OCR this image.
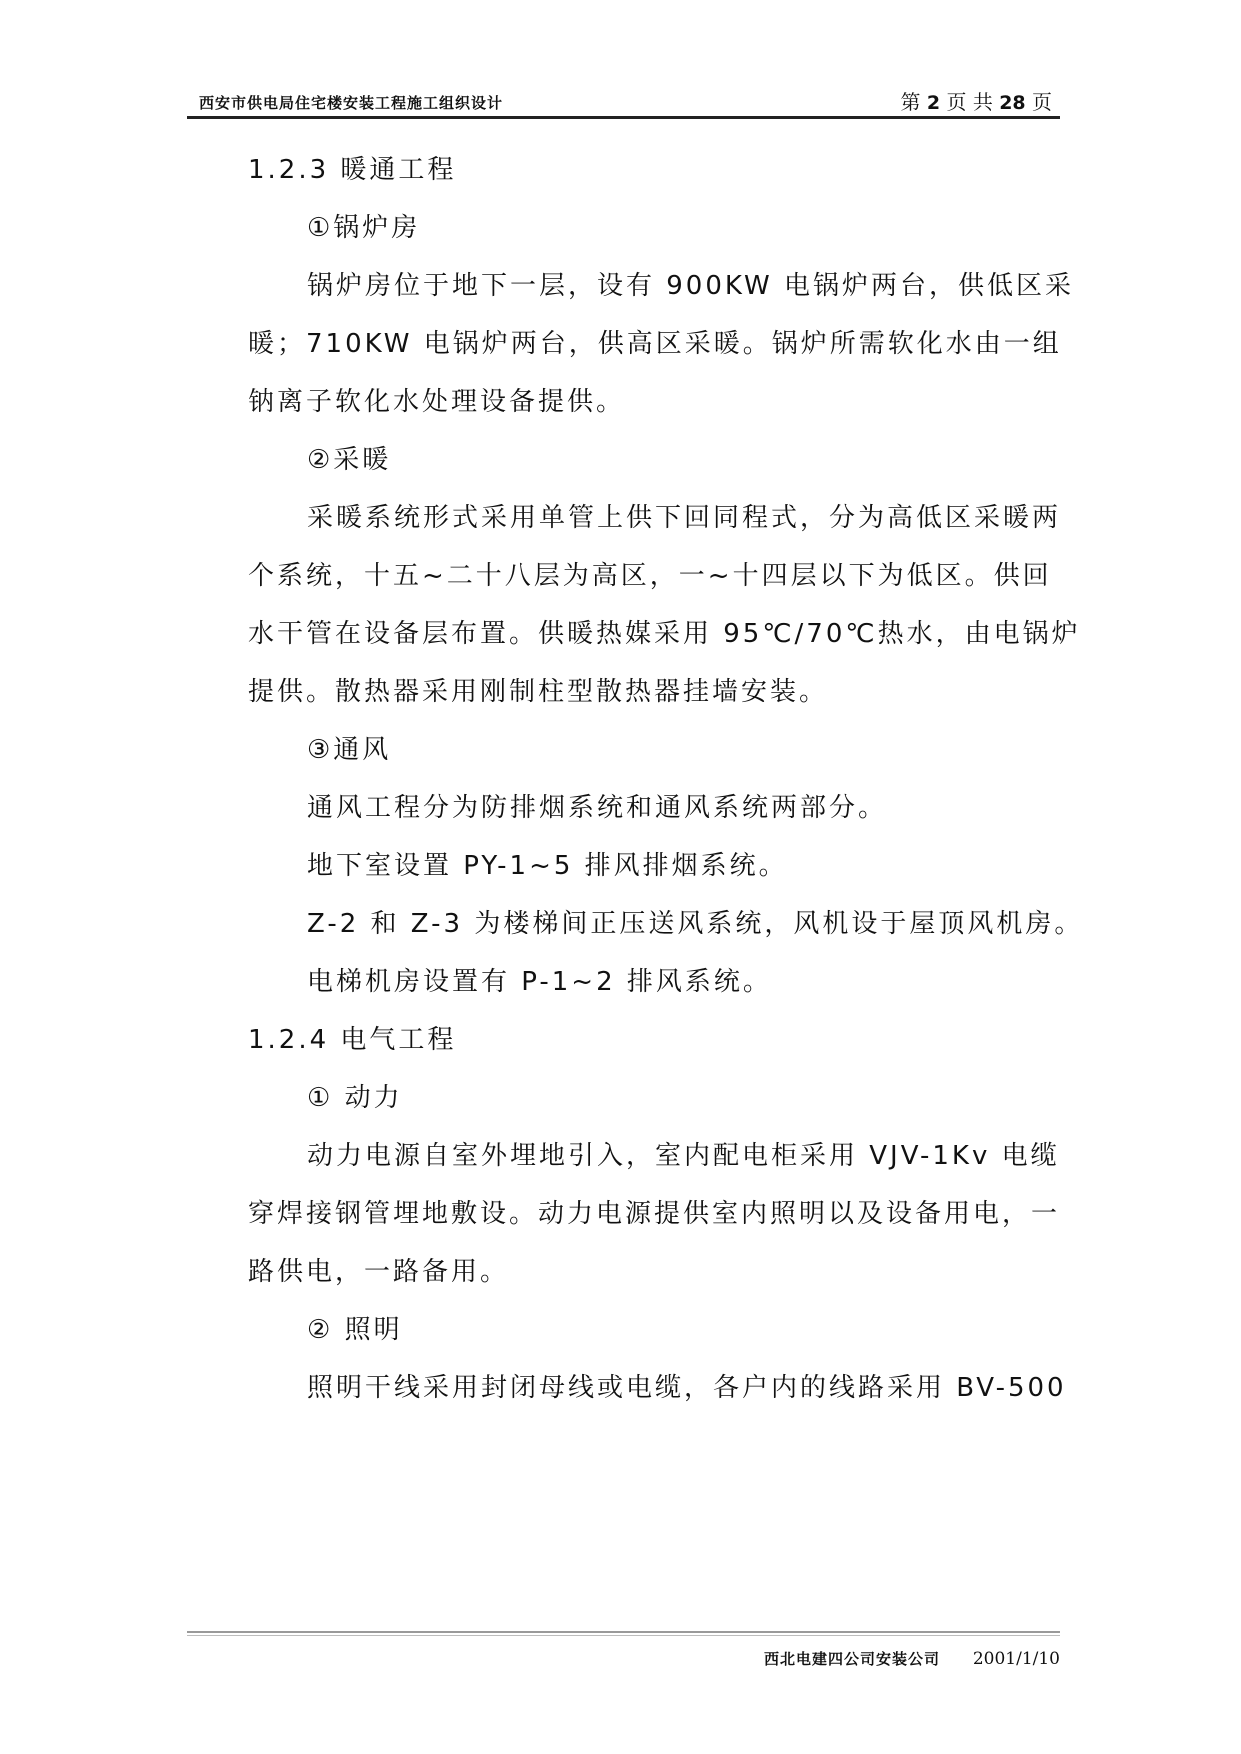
西安市供电局住宅楼安装工程施工组织设计	第 2 页 共 28 页
1.2.3 暖通工程
①锅炉房
锅炉房位于地下一层，设有 900KW 电锅炉两台，供低区采
暖；710KW 电锅炉两台，供高区采暖。锅炉所需软化水由一组
钠离子软化水处理设备提供。
②采暖
采暖系统形式采用单管上供下回同程式，分为高低区采暖两
个系统，十五~二十八层为高区，一~十四层以下为低区。供回
水干管在设备层布置。供暖热媒采用 95℃/70℃热水，由电锅炉
提供。散热器采用刚制柱型散热器挂墙安装。
③通风
通风工程分为防排烟系统和通风系统两部分。
地下室设置 PY-1~5 排风排烟系统。
Z-2 和 Z-3 为楼梯间正压送风系统，风机设于屋顶风机房。
电梯机房设置有 P-1~2 排风系统。
1.2.4 电气工程
① 动力
动力电源自室外埋地引入，室内配电柜采用 VJV-1Kv 电缆
穿焊接钢管埋地敷设。动力电源提供室内照明以及设备用电，一
路供电，一路备用。
② 照明
照明干线采用封闭母线或电缆，各户内的线路采用 BV-500
西北电建四公司安装公司 2001/1/10
